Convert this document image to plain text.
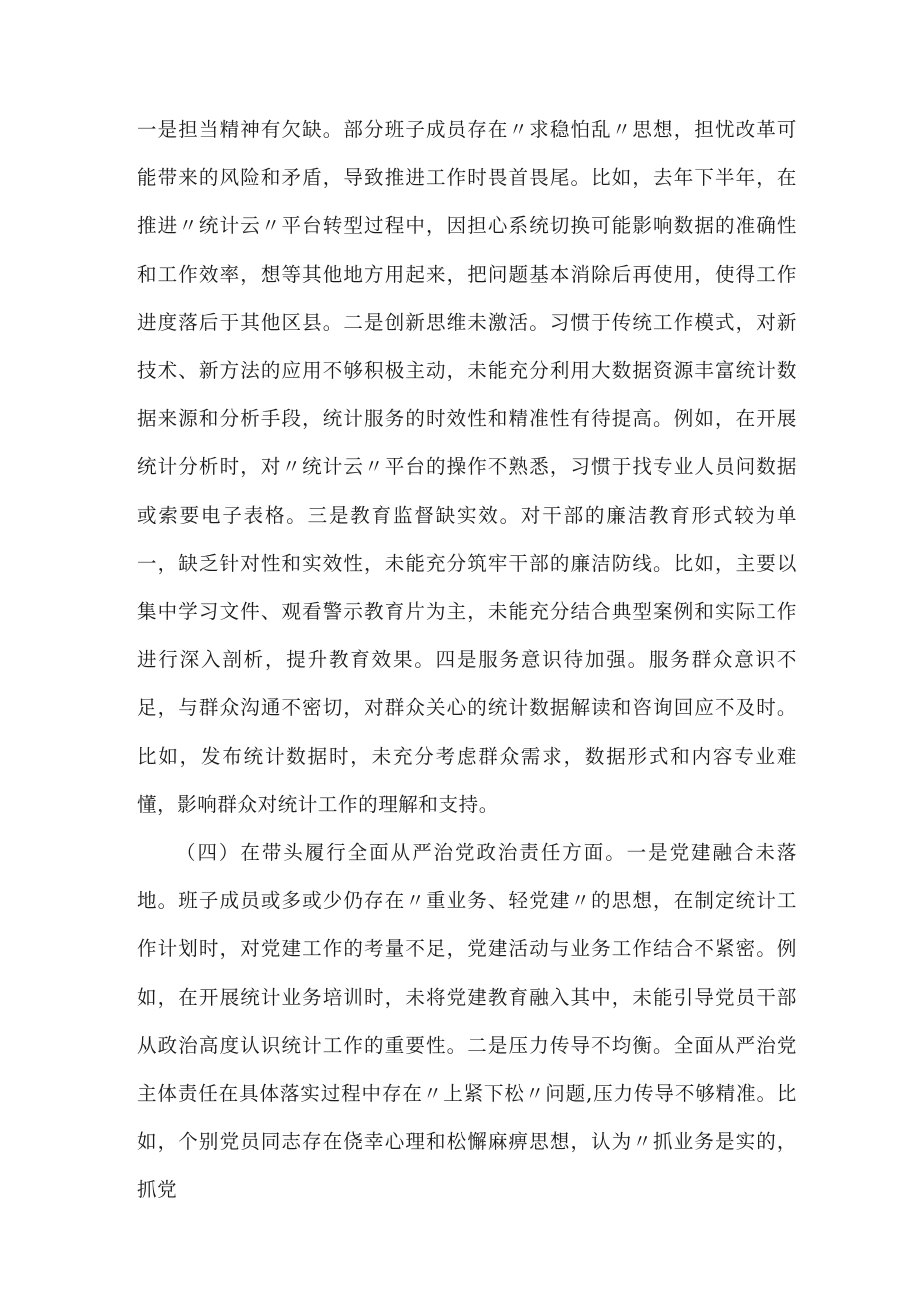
一是担当精神有欠缺。部分班子成员存在〃求稳怕乱〃思想，担忧改革可能带来的风险和矛盾，导致推进工作时畏首畏尾。比如，去年下半年，在推进〃统计云〃平台转型过程中，因担心系统切换可能影响数据的准确性和工作效率，想等其他地方用起来，把问题基本消除后再使用，使得工作进度落后于其他区县。二是创新思维未激活。习惯于传统工作模式，对新技术、新方法的应用不够积极主动，未能充分利用大数据资源丰富统计数据来源和分析手段，统计服务的时效性和精准性有待提高。例如，在开展统计分析时，对〃统计云〃平台的操作不熟悉，习惯于找专业人员问数据或索要电子表格。三是教育监督缺实效。对干部的廉洁教育形式较为单一，缺乏针对性和实效性，未能充分筑牢干部的廉洁防线。比如，主要以集中学习文件、观看警示教育片为主，未能充分结合典型案例和实际工作进行深入剖析，提升教育效果。四是服务意识待加强。服务群众意识不足，与群众沟通不密切，对群众关心的统计数据解读和咨询回应不及时。比如，发布统计数据时，未充分考虑群众需求，数据形式和内容专业难懂，影响群众对统计工作的理解和支持。

（四）在带头履行全面从严治党政治责任方面。一是党建融合未落地。班子成员或多或少仍存在〃重业务、轻党建〃的思想，在制定统计工作计划时，对党建工作的考量不足，党建活动与业务工作结合不紧密。例如，在开展统计业务培训时，未将党建教育融入其中，未能引导党员干部从政治高度认识统计工作的重要性。二是压力传导不均衡。全面从严治党主体责任在具体落实过程中存在〃上紧下松〃问题,压力传导不够精准。比如，个别党员同志存在侥幸心理和松懈麻痹思想，认为〃抓业务是实的，抓党
